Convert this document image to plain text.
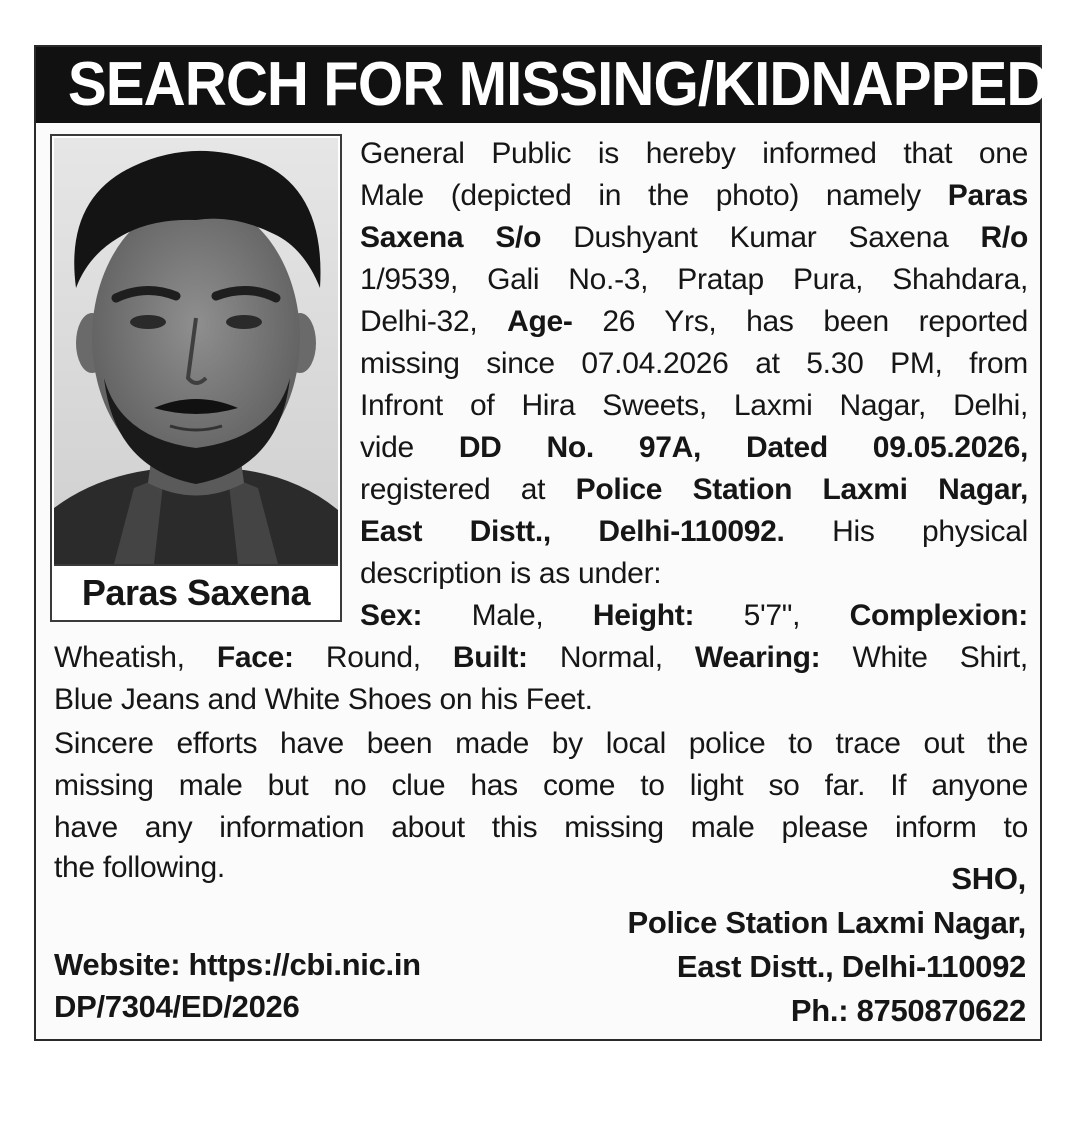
SEARCH FOR MISSING/KIDNAPPED
Paras Saxena
General Public is hereby informed that one
Male (depicted in the photo) namely Paras
Saxena S/o Dushyant Kumar Saxena R/o
1/9539, Gali No.-3, Pratap Pura, Shahdara,
Delhi-32, Age- 26 Yrs, has been reported
missing since 07.04.2026 at 5.30 PM, from
Infront of Hira Sweets, Laxmi Nagar, Delhi,
vide DD No. 97A, Dated 09.05.2026,
registered at Police Station Laxmi Nagar,
East Distt., Delhi-110092. His physical
description is as under:
Sex: Male, Height: 5'7", Complexion:
Wheatish, Face: Round, Built: Normal, Wearing: White Shirt,
Blue Jeans and White Shoes on his Feet.
Sincere efforts have been made by local police to trace out the
missing male but no clue has come to light so far. If anyone
have any information about this missing male please inform to
the following.	SHO,
Police Station Laxmi Nagar,
East Distt., Delhi-110092
Ph.: 8750870622
Website: https://cbi.nic.in
DP/7304/ED/2026
